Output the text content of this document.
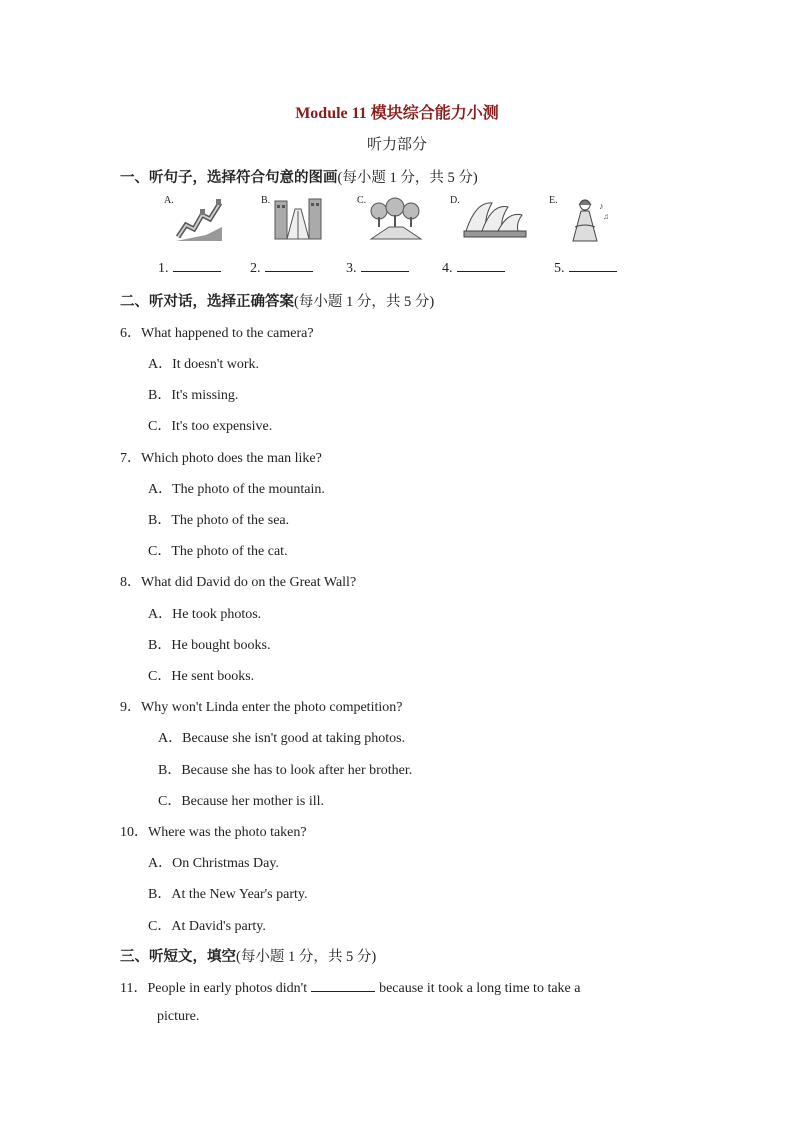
Module 11 模块综合能力小测
听力部分
一、听句子，选择符合句意的图画(每小题 1 分，共 5 分)
A.	B.	C.	D.	E.	♪
♫
1.	2.	3.	4.	5.
二、听对话，选择正确答案(每小题 1 分，共 5 分)
6．What happened to the camera?
A．It doesn't work.
B．It's missing.
C．It's too expensive.
7．Which photo does the man like?
A．The photo of the mountain.
B．The photo of the sea.
C．The photo of the cat.
8．What did David do on the Great Wall?
A．He took photos.
B．He bought books.
C．He sent books.
9．Why won't Linda enter the photo competition?
A．Because she isn't good at taking photos.
B．Because she has to look after her brother.
C．Because her mother is ill.
10．Where was the photo taken?
A．On Christmas Day.
B．At the New Year's party.
C．At David's party.
三、听短文，填空(每小题 1 分，共 5 分)
11．People in early photos didn't	because it took a long time to take a
picture.
